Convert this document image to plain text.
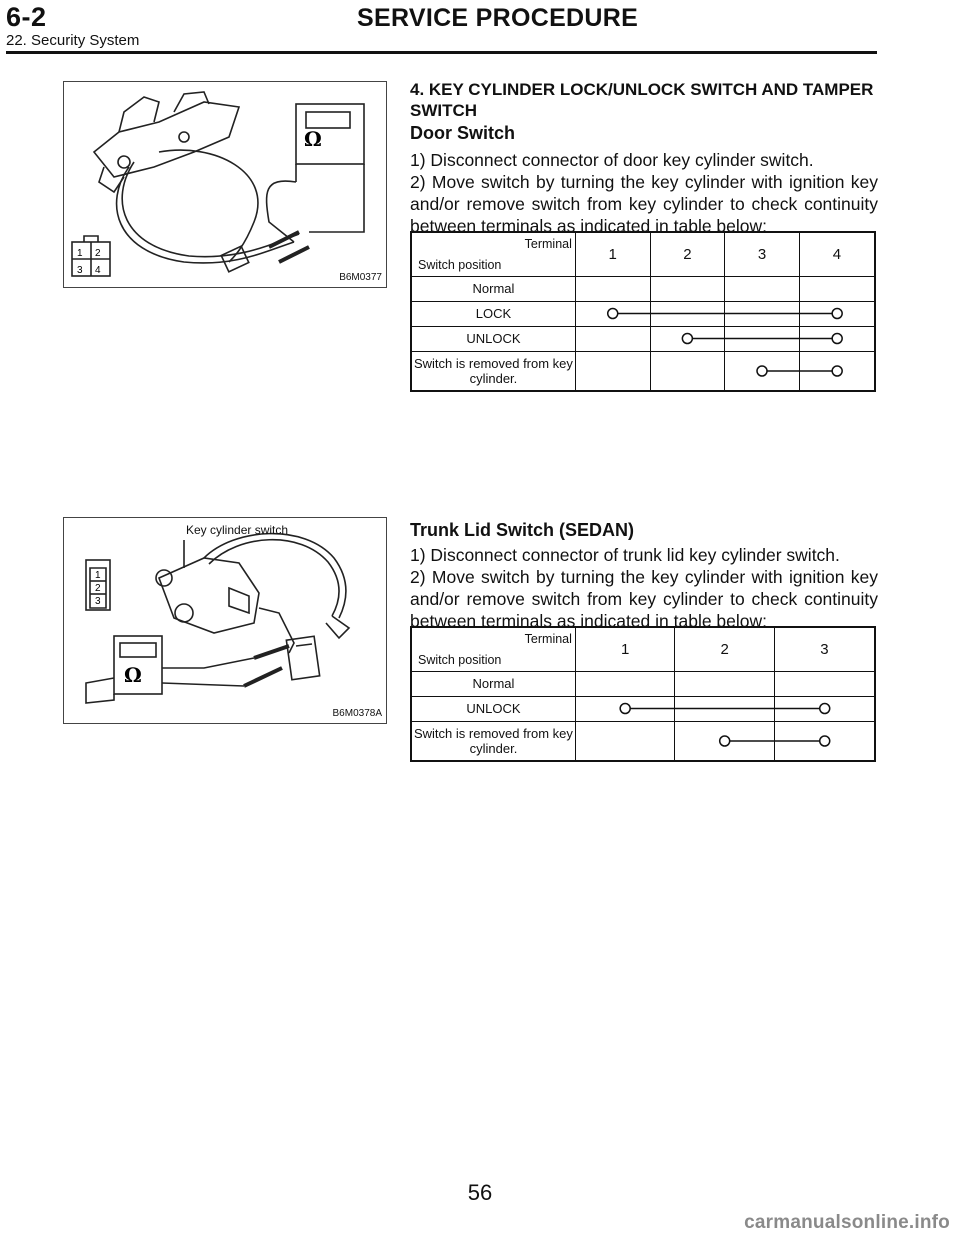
6-2	SERVICE PROCEDURE
22. Security System
Ω
1 2
3 4
B6M0377
4. KEY CYLINDER LOCK/UNLOCK SWITCH AND TAMPER SWITCH
Door Switch
1) Disconnect connector of door key cylinder switch.
2) Move switch by turning the key cylinder with ignition key and/or remove switch from key cylinder to check continuity between terminals as indicated in table below:
Terminal
Switch position	1	2	3	4
Normal				
LOCK				
UNLOCK				
Switch is removed from key cylinder.				
Ω
1
2
3
Key cylinder switch
B6M0378A
Trunk Lid Switch (SEDAN)
1) Disconnect connector of trunk lid key cylinder switch.
2) Move switch by turning the key cylinder with ignition key and/or remove switch from key cylinder to check continuity between terminals as indicated in table below:
Terminal
Switch position	1	2	3
Normal			
UNLOCK			
Switch is removed from key cylinder.			
56
carmanualsonline.info
